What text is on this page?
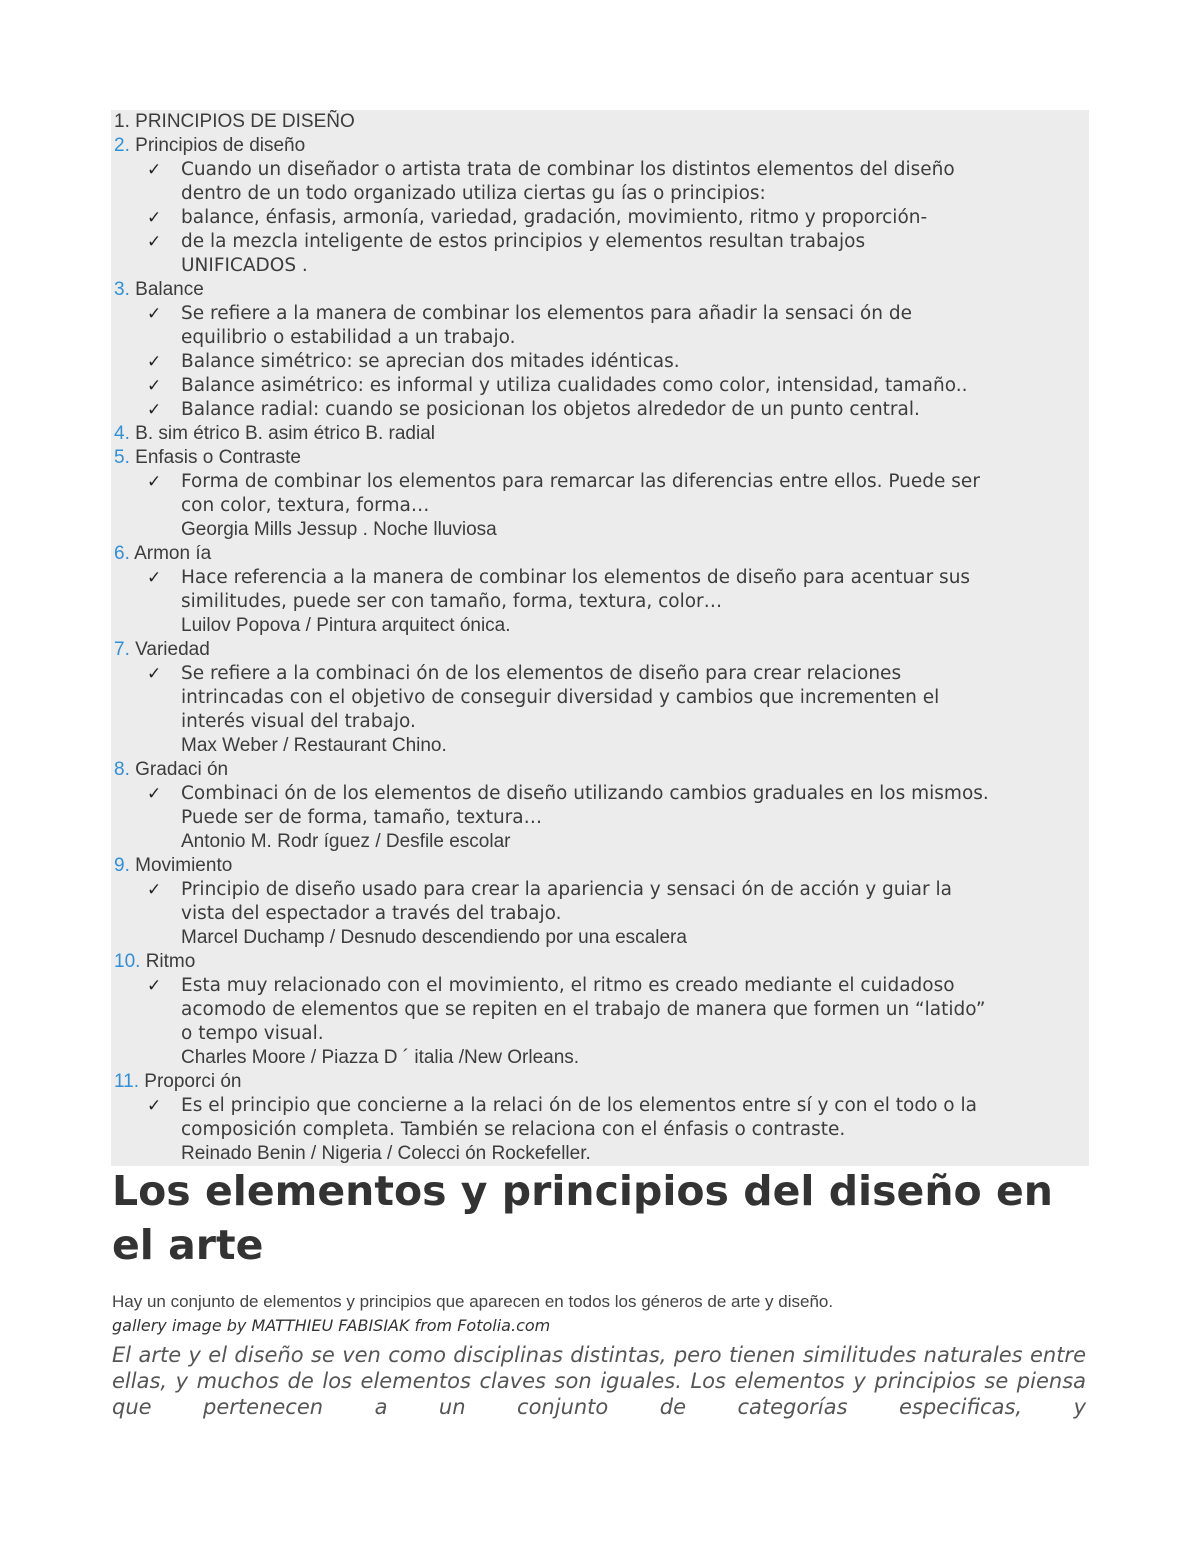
1. PRINCIPIOS DE DISEÑO
2. Principios de diseño
✓ Cuando un diseñador o artista trata de combinar los distintos elementos del diseño
dentro de un todo organizado utiliza ciertas gu ías o principios:
✓ balance, énfasis, armonía, variedad, gradación, movimiento, ritmo y proporción-
✓ de la mezcla inteligente de estos principios y elementos resultan trabajos
UNIFICADOS .
3. Balance
✓ Se refiere a la manera de combinar los elementos para añadir la sensaci ón de
equilibrio o estabilidad a un trabajo.
✓ Balance simétrico: se aprecian dos mitades idénticas.
✓ Balance asimétrico: es informal y utiliza cualidades como color, intensidad, tamaño..
✓ Balance radial: cuando se posicionan los objetos alrededor de un punto central.
4. B. sim étrico B. asim étrico B. radial
5. Enfasis o Contraste
✓ Forma de combinar los elementos para remarcar las diferencias entre ellos. Puede ser
con color, textura, forma…
Georgia Mills Jessup . Noche lluviosa
6. Armon ía
✓ Hace referencia a la manera de combinar los elementos de diseño para acentuar sus
similitudes, puede ser con tamaño, forma, textura, color…
Luilov Popova / Pintura arquitect ónica.
7. Variedad
✓ Se refiere a la combinaci ón de los elementos de diseño para crear relaciones
intrincadas con el objetivo de conseguir diversidad y cambios que incrementen el
interés visual del trabajo.
Max Weber / Restaurant Chino.
8. Gradaci ón
✓ Combinaci ón de los elementos de diseño utilizando cambios graduales en los mismos.
Puede ser de forma, tamaño, textura…
Antonio M. Rodr íguez / Desfile escolar
9. Movimiento
✓ Principio de diseño usado para crear la apariencia y sensaci ón de acción y guiar la
vista del espectador a través del trabajo.
Marcel Duchamp / Desnudo descendiendo por una escalera
10. Ritmo
✓ Esta muy relacionado con el movimiento, el ritmo es creado mediante el cuidadoso
acomodo de elementos que se repiten en el trabajo de manera que formen un “latido”
o tempo visual.
Charles Moore / Piazza D ´ italia /New Orleans.
11. Proporci ón
✓ Es el principio que concierne a la relaci ón de los elementos entre sí y con el todo o la
composición completa. También se relaciona con el énfasis o contraste.
Reinado Benin / Nigeria / Colecci ón Rockefeller.
Los elementos y principios del diseño en el arte
Hay un conjunto de elementos y principios que aparecen en todos los géneros de arte y diseño.
gallery image by MATTHIEU FABISIAK from Fotolia.com
El arte y el diseño se ven como disciplinas distintas, pero tienen similitudes naturales entre ellas, y muchos de los elementos claves son iguales. Los elementos y principios se piensa que pertenecen a un conjunto de categorías especificas, y
